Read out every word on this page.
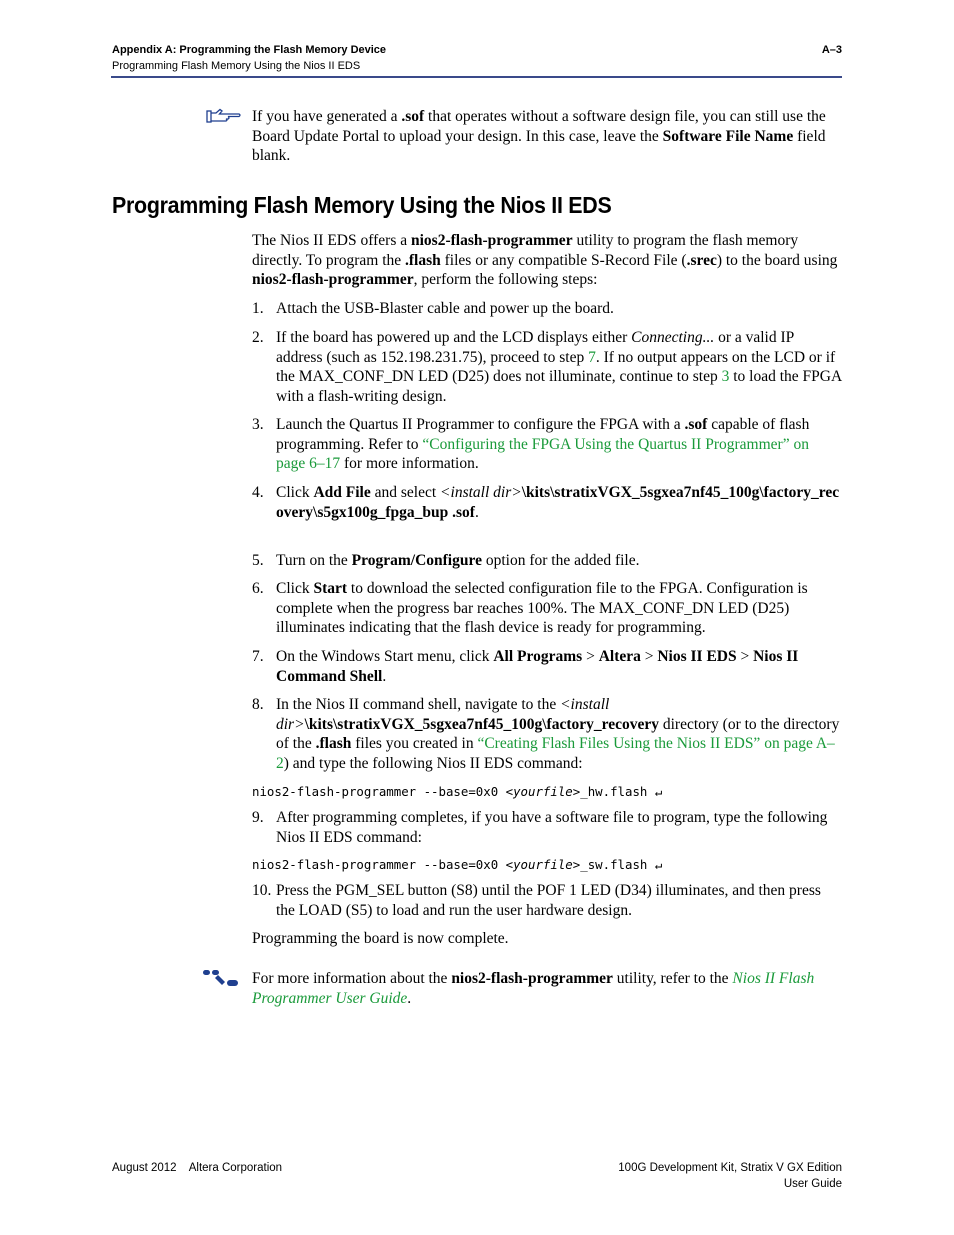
Appendix A: Programming the Flash Memory Device	A–3
Programming Flash Memory Using the Nios II EDS
If you have generated a .sof that operates without a software design file, you can still use the Board Update Portal to upload your design. In this case, leave the Software File Name field blank.
Programming Flash Memory Using the Nios II EDS
The Nios II EDS offers a nios2-flash-programmer utility to program the flash memory directly. To program the .flash files or any compatible S-Record File (.srec) to the board using nios2-flash-programmer, perform the following steps:
1. Attach the USB-Blaster cable and power up the board.
2. If the board has powered up and the LCD displays either Connecting... or a valid IP address (such as 152.198.231.75), proceed to step 7. If no output appears on the LCD or if the MAX_CONF_DN LED (D25) does not illuminate, continue to step 3 to load the FPGA with a flash-writing design.
3. Launch the Quartus II Programmer to configure the FPGA with a .sof capable of flash programming. Refer to “Configuring the FPGA Using the Quartus II Programmer” on page 6–17 for more information.
4. Click Add File and select <install dir>\kits\stratixVGX_5sgxea7nf45_100g\factory_recovery\s5gx100g_fpga_bup .sof.
5. Turn on the Program/Configure option for the added file.
6. Click Start to download the selected configuration file to the FPGA. Configuration is complete when the progress bar reaches 100%. The MAX_CONF_DN LED (D25) illuminates indicating that the flash device is ready for programming.
7. On the Windows Start menu, click All Programs > Altera > Nios II EDS > Nios II Command Shell.
8. In the Nios II command shell, navigate to the <install dir>\kits\stratixVGX_5sgxea7nf45_100g\factory_recovery directory (or to the directory of the .flash files you created in “Creating Flash Files Using the Nios II EDS” on page A–2) and type the following Nios II EDS command:
nios2-flash-programmer --base=0x0 <yourfile>_hw.flash ↵
9. After programming completes, if you have a software file to program, type the following Nios II EDS command:
nios2-flash-programmer --base=0x0 <yourfile>_sw.flash ↵
10. Press the PGM_SEL button (S8) until the POF 1 LED (D34) illuminates, and then press the LOAD (S5) to load and run the user hardware design.
Programming the board is now complete.
For more information about the nios2-flash-programmer utility, refer to the Nios II Flash Programmer User Guide.
August 2012    Altera Corporation	100G Development Kit, Stratix V GX Edition
User Guide
